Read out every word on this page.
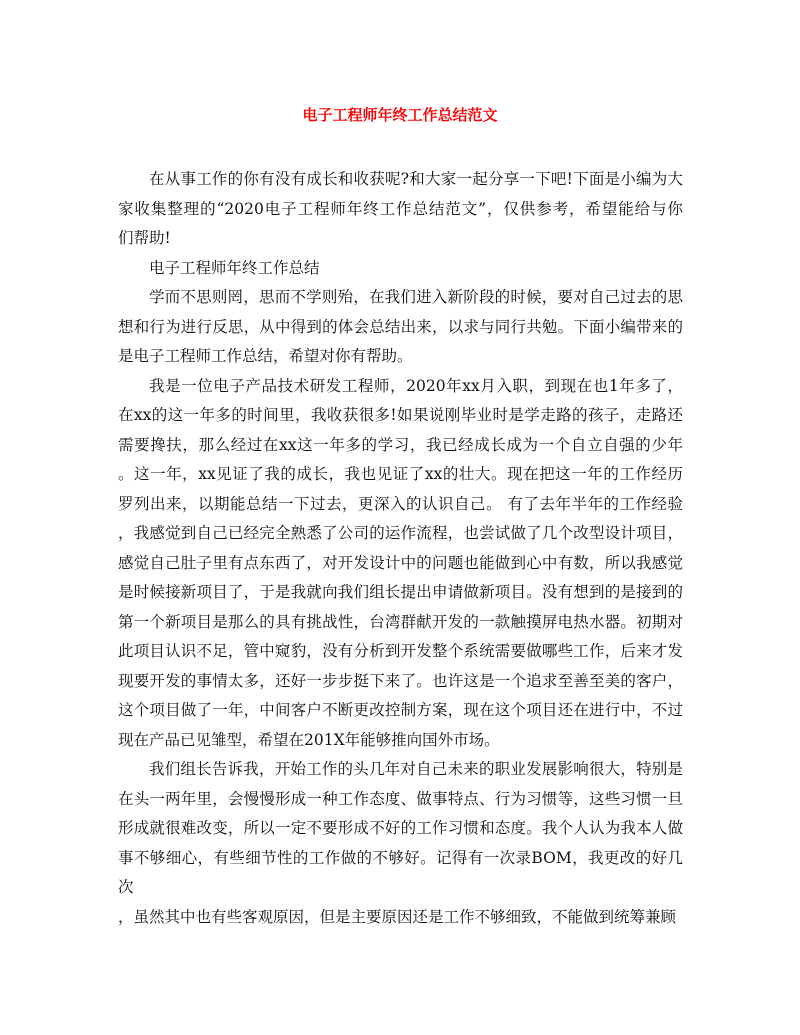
电子工程师年终工作总结范文

在从事工作的你有没有成长和收获呢?和大家一起分享一下吧!下面是小编为大
家收集整理的“2020电子工程师年终工作总结范文”，仅供参考，希望能给与你
们帮助!

电子工程师年终工作总结

学而不思则罔，思而不学则殆，在我们进入新阶段的时候，要对自己过去的思
想和行为进行反思，从中得到的体会总结出来，以求与同行共勉。下面小编带来的
是电子工程师工作总结，希望对你有帮助。

我是一位电子产品技术研发工程师，2020年xx月入职，到现在也1年多了，
在xx的这一年多的时间里，我收获很多!如果说刚毕业时是学走路的孩子，走路还
需要搀扶，那么经过在xx这一年多的学习，我已经成长成为一个自立自强的少年
。这一年，xx见证了我的成长，我也见证了xx的壮大。现在把这一年的工作经历
罗列出来，以期能总结一下过去，更深入的认识自己。 有了去年半年的工作经验
，我感觉到自己已经完全熟悉了公司的运作流程，也尝试做了几个改型设计项目，
感觉自己肚子里有点东西了，对开发设计中的问题也能做到心中有数，所以我感觉
是时候接新项目了，于是我就向我们组长提出申请做新项目。没有想到的是接到的
第一个新项目是那么的具有挑战性，台湾群献开发的一款触摸屏电热水器。初期对
此项目认识不足，管中窥豹，没有分析到开发整个系统需要做哪些工作，后来才发
现要开发的事情太多，还好一步步挺下来了。也许这是一个追求至善至美的客户，
这个项目做了一年，中间客户不断更改控制方案，现在这个项目还在进行中，不过
现在产品已见雏型，希望在201X年能够推向国外市场。

我们组长告诉我，开始工作的头几年对自己未来的职业发展影响很大，特别是
在头一两年里，会慢慢形成一种工作态度、做事特点、行为习惯等，这些习惯一旦
形成就很难改变，所以一定不要形成不好的工作习惯和态度。我个人认为我本人做
事不够细心，有些细节性的工作做的不够好。记得有一次录BOM，我更改的好几次
，虽然其中也有些客观原因，但是主要原因还是工作不够细致，不能做到统筹兼顾
